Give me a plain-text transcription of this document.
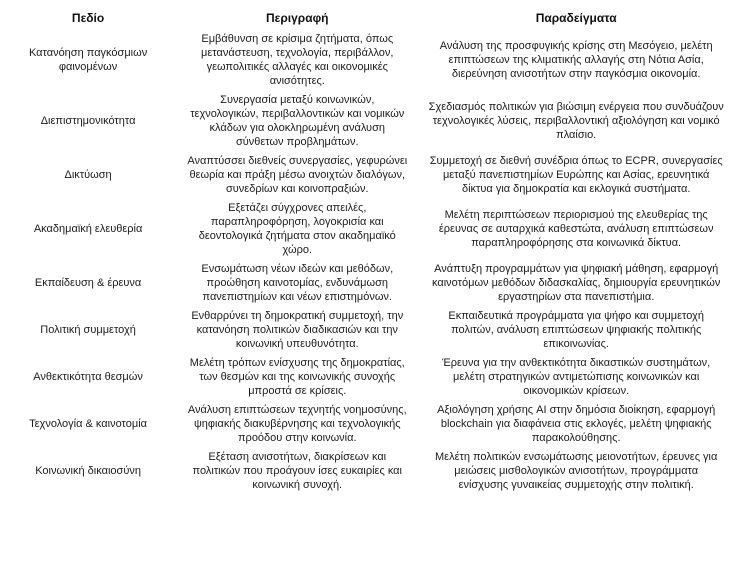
Πεδίο	Περιγραφή	Παραδείγματα
Κατανόηση παγκόσμιων φαινομένων	Εμβάθυνση σε κρίσιμα ζητήματα, όπως μετανάστευση, τεχνολογία, περιβάλλον, γεωπολιτικές αλλαγές και οικονομικές ανισότητες.	Ανάλυση της προσφυγικής κρίσης στη Μεσόγειο, μελέτη επιπτώσεων της κλιματικής αλλαγής στη Νότια Ασία, διερεύνηση ανισοτήτων στην παγκόσμια οικονομία.
Διεπιστημονικότητα	Συνεργασία μεταξύ κοινωνικών, τεχνολογικών, περιβαλλοντικών και νομικών κλάδων για ολοκληρωμένη ανάλυση σύνθετων προβλημάτων.	Σχεδιασμός πολιτικών για βιώσιμη ενέργεια που συνδυάζουν τεχνολογικές λύσεις, περιβαλλοντική αξιολόγηση και νομικό πλαίσιο.
Δικτύωση	Αναπτύσσει διεθνείς συνεργασίες, γεφυρώνει θεωρία και πράξη μέσω ανοιχτών διαλόγων, συνεδρίων και κοινοπραξιών.	Συμμετοχή σε διεθνή συνέδρια όπως το ECPR, συνεργασίες μεταξύ πανεπιστημίων Ευρώπης και Ασίας, ερευνητικά δίκτυα για δημοκρατία και εκλογικά συστήματα.
Ακαδημαϊκή ελευθερία	Εξετάζει σύγχρονες απειλές, παραπληροφόρηση, λογοκρισία και δεοντολογικά ζητήματα στον ακαδημαϊκό χώρο.	Μελέτη περιπτώσεων περιορισμού της ελευθερίας της έρευνας σε αυταρχικά καθεστώτα, ανάλυση επιπτώσεων παραπληροφόρησης στα κοινωνικά δίκτυα.
Εκπαίδευση & έρευνα	Ενσωμάτωση νέων ιδεών και μεθόδων, προώθηση καινοτομίας, ενδυνάμωση πανεπιστημίων και νέων επιστημόνων.	Ανάπτυξη προγραμμάτων για ψηφιακή μάθηση, εφαρμογή καινοτόμων μεθόδων διδασκαλίας, δημιουργία ερευνητικών εργαστηρίων στα πανεπιστήμια.
Πολιτική συμμετοχή	Ενθαρρύνει τη δημοκρατική συμμετοχή, την κατανόηση πολιτικών διαδικασιών και την κοινωνική υπευθυνότητα.	Εκπαιδευτικά προγράμματα για ψήφο και συμμετοχή πολιτών, ανάλυση επιπτώσεων ψηφιακής πολιτικής επικοινωνίας.
Ανθεκτικότητα θεσμών	Μελέτη τρόπων ενίσχυσης της δημοκρατίας, των θεσμών και της κοινωνικής συνοχής μπροστά σε κρίσεις.	Έρευνα για την ανθεκτικότητα δικαστικών συστημάτων, μελέτη στρατηγικών αντιμετώπισης κοινωνικών και οικονομικών κρίσεων.
Τεχνολογία & καινοτομία	Ανάλυση επιπτώσεων τεχνητής νοημοσύνης, ψηφιακής διακυβέρνησης και τεχνολογικής προόδου στην κοινωνία.	Αξιολόγηση χρήσης AI στην δημόσια διοίκηση, εφαρμογή blockchain για διαφάνεια στις εκλογές, μελέτη ψηφιακής παρακολούθησης.
Κοινωνική δικαιοσύνη	Εξέταση ανισοτήτων, διακρίσεων και πολιτικών που προάγουν ίσες ευκαιρίες και κοινωνική συνοχή.	Μελέτη πολιτικών ενσωμάτωσης μειονοτήτων, έρευνες για μειώσεις μισθολογικών ανισοτήτων, προγράμματα ενίσχυσης γυναικείας συμμετοχής στην πολιτική.
